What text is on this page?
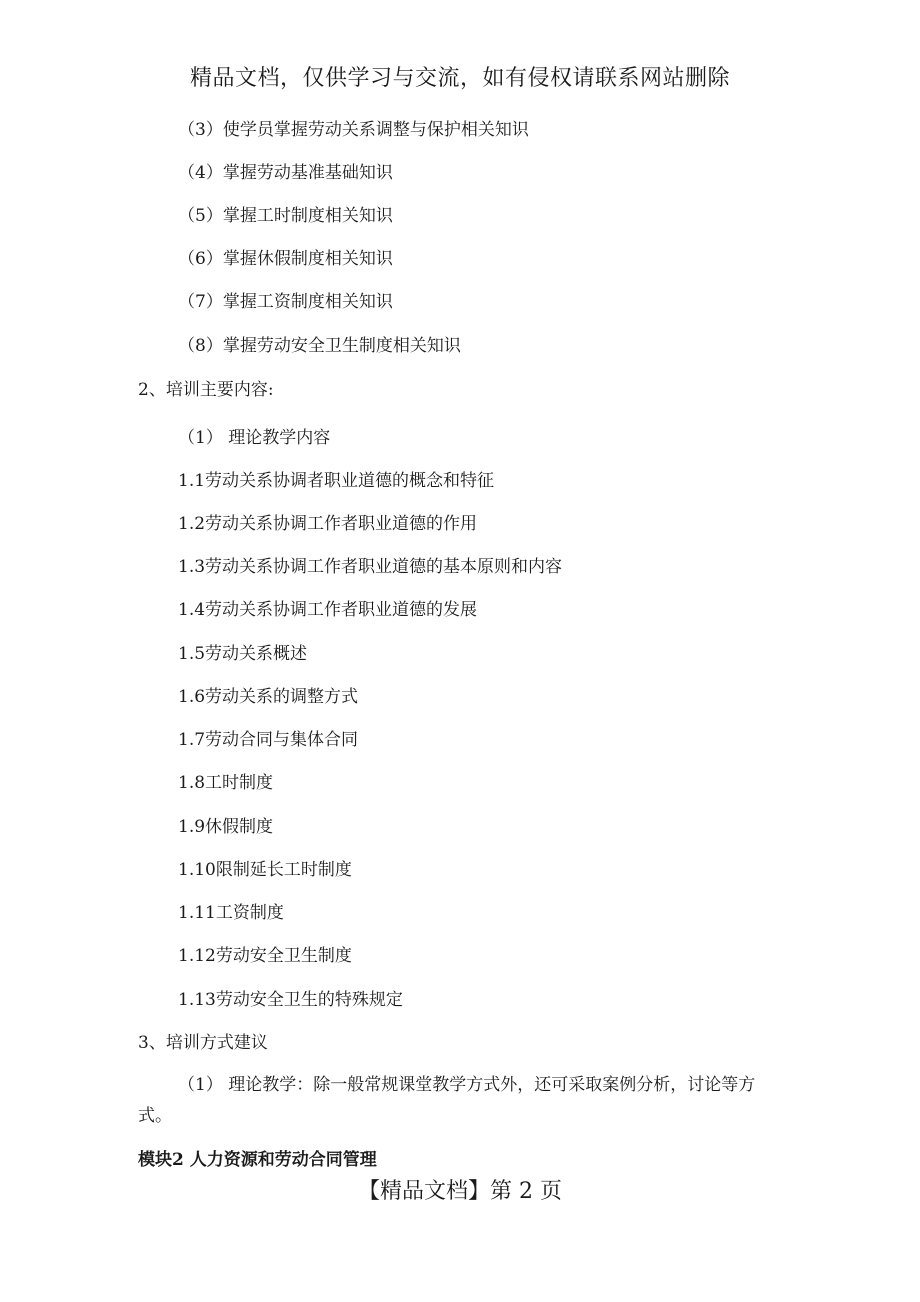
精品文档，仅供学习与交流，如有侵权请联系网站删除
（3）使学员掌握劳动关系调整与保护相关知识
（4）掌握劳动基准基础知识
（5）掌握工时制度相关知识
（6）掌握休假制度相关知识
（7）掌握工资制度相关知识
（8）掌握劳动安全卫生制度相关知识
2、培训主要内容:
（1） 理论教学内容
1.1劳动关系协调者职业道德的概念和特征
1.2劳动关系协调工作者职业道德的作用
1.3劳动关系协调工作者职业道德的基本原则和内容
1.4劳动关系协调工作者职业道德的发展
1.5劳动关系概述
1.6劳动关系的调整方式
1.7劳动合同与集体合同
1.8工时制度
1.9休假制度
1.10限制延长工时制度
1.11工资制度
1.12劳动安全卫生制度
1.13劳动安全卫生的特殊规定
3、培训方式建议
（1） 理论教学：除一般常规课堂教学方式外，还可采取案例分析，讨论等方式。
模块2 人力资源和劳动合同管理
【精品文档】第 2 页
